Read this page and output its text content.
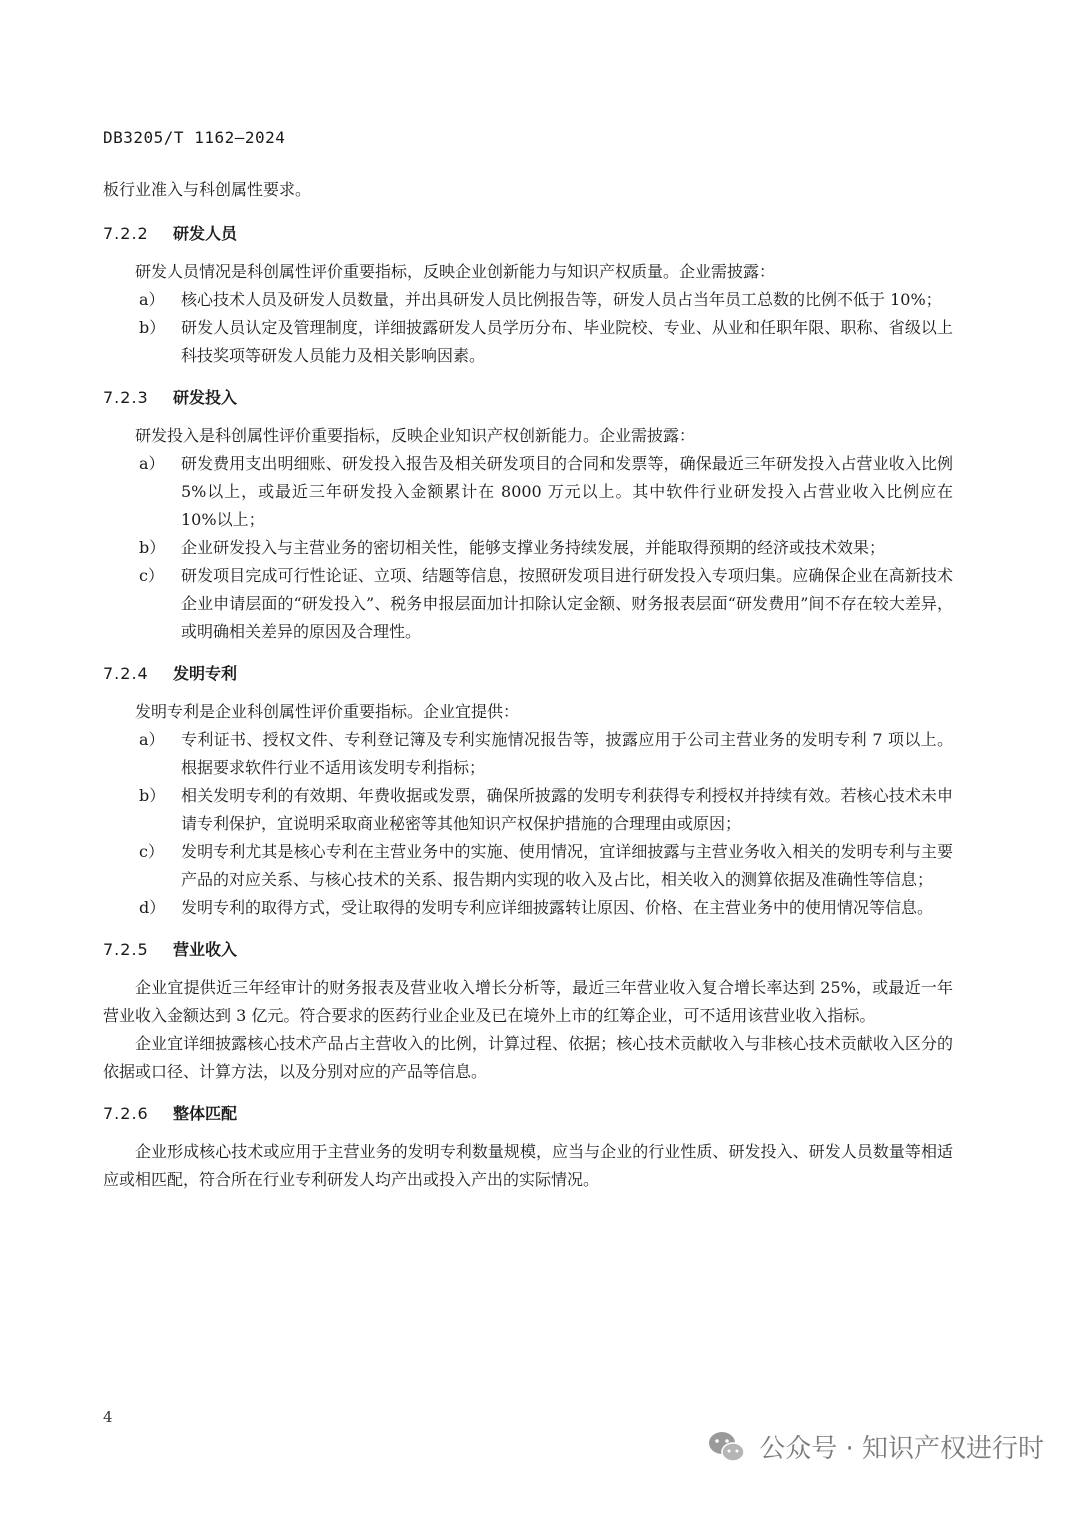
DB3205/T 1162—2024

板行业准入与科创属性要求。

7.2.2	研发人员

研发人员情况是科创属性评价重要指标，反映企业创新能力与知识产权质量。企业需披露：

a）	核心技术人员及研发人员数量，并出具研发人员比例报告等，研发人员占当年员工总数的比例不低于 10%；
b） 研发人员认定及管理制度，详细披露研发人员学历分布、毕业院校、专业、从业和任职年限、职称、省级以上科技奖项等研发人员能力及相关影响因素。
7.2.3	研发投入

研发投入是科创属性评价重要指标，反映企业知识产权创新能力。企业需披露：

a）	研发费用支出明细账、研发投入报告及相关研发项目的合同和发票等，确保最近三年研发投入占营业收入比例 5%以上，或最近三年研发投入金额累计在 8000 万元以上。其中软件行业研发投入占营业收入比例应在 10%以上；
b） 企业研发投入与主营业务的密切相关性，能够支撑业务持续发展，并能取得预期的经济或技术效果；
c）	研发项目完成可行性论证、立项、结题等信息，按照研发项目进行研发投入专项归集。应确保企业在高新技术企业申请层面的“研发投入”、税务申报层面加计扣除认定金额、财务报表层面“研发费用”间不存在较大差异，或明确相关差异的原因及合理性。
7.2.4	发明专利

发明专利是企业科创属性评价重要指标。企业宜提供：

a）	专利证书、授权文件、专利登记簿及专利实施情况报告等，披露应用于公司主营业务的发明专利 7 项以上。根据要求软件行业不适用该发明专利指标；
b） 相关发明专利的有效期、年费收据或发票，确保所披露的发明专利获得专利授权并持续有效。若核心技术未申请专利保护，宜说明采取商业秘密等其他知识产权保护措施的合理理由或原因；
c）	发明专利尤其是核心专利在主营业务中的实施、使用情况，宜详细披露与主营业务收入相关的发明专利与主要产品的对应关系、与核心技术的关系、报告期内实现的收入及占比，相关收入的测算依据及准确性等信息；
d） 发明专利的取得方式，受让取得的发明专利应详细披露转让原因、价格、在主营业务中的使用情况等信息。
7.2.5	营业收入

企业宜提供近三年经审计的财务报表及营业收入增长分析等，最近三年营业收入复合增长率达到 25%，或最近一年营业收入金额达到 3 亿元。符合要求的医药行业企业及已在境外上市的红筹企业，可不适用该营业收入指标。

企业宜详细披露核心技术产品占主营收入的比例，计算过程、依据；核心技术贡献收入与非核心技术贡献收入区分的依据或口径、计算方法，以及分别对应的产品等信息。

7.2.6	整体匹配

企业形成核心技术或应用于主营业务的发明专利数量规模，应当与企业的行业性质、研发投入、研发人员数量等相适应或相匹配，符合所在行业专利研发人均产出或投入产出的实际情况。

4
公众号 · 知识产权进行时
